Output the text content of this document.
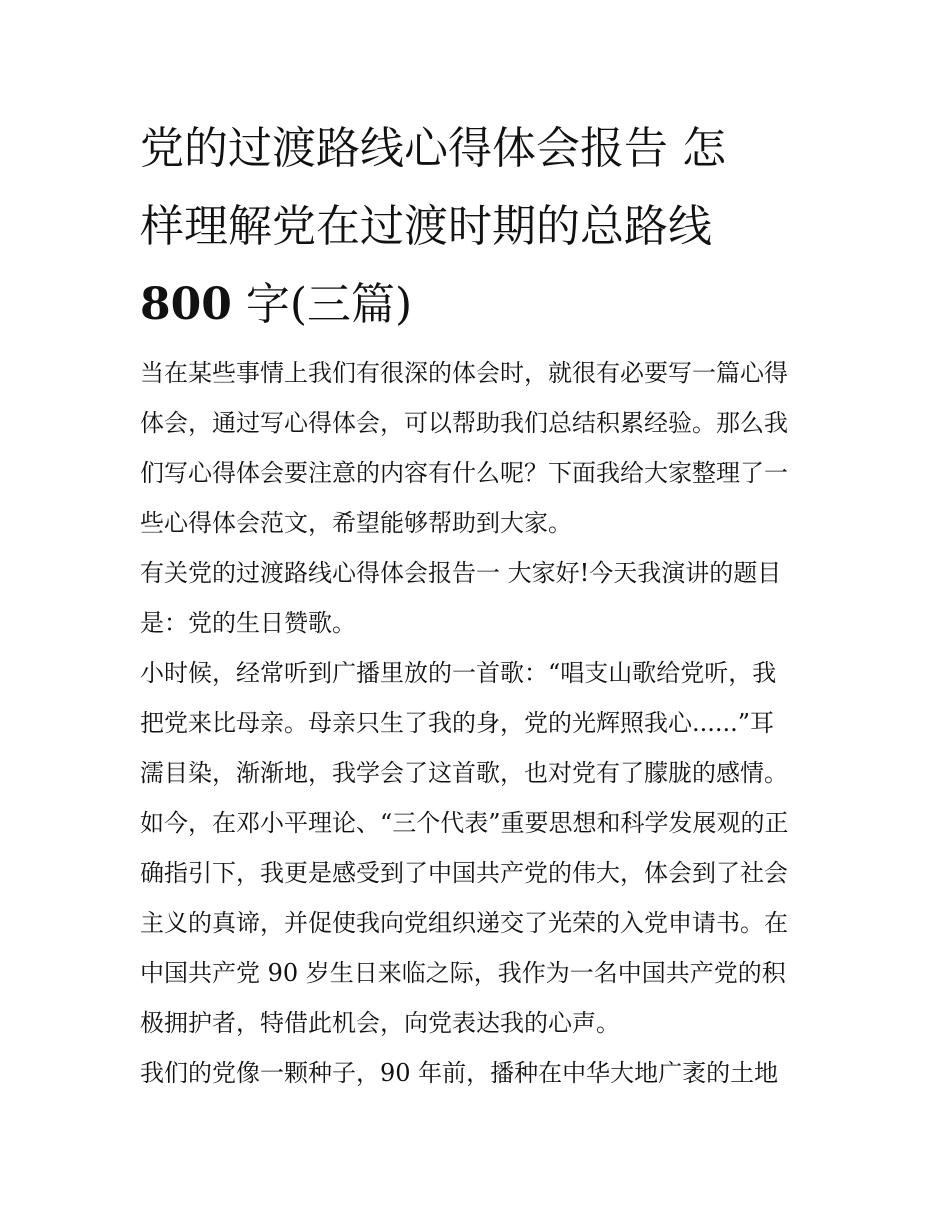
党的过渡路线心得体会报告 怎
样理解党在过渡时期的总路线
800 字(三篇)

当在某些事情上我们有很深的体会时，就很有必要写一篇心得
体会，通过写心得体会，可以帮助我们总结积累经验。那么我
们写心得体会要注意的内容有什么呢？下面我给大家整理了一
些心得体会范文，希望能够帮助到大家。

有关党的过渡路线心得体会报告一 大家好!今天我演讲的题目
是：党的生日赞歌。

小时候，经常听到广播里放的一首歌：“唱支山歌给党听，我
把党来比母亲。母亲只生了我的身，党的光辉照我心......”耳
濡目染，渐渐地，我学会了这首歌，也对党有了朦胧的感情。
如今，在邓小平理论、“三个代表”重要思想和科学发展观的正
确指引下，我更是感受到了中国共产党的伟大，体会到了社会
主义的真谛，并促使我向党组织递交了光荣的入党申请书。在
中国共产党 90 岁生日来临之际，我作为一名中国共产党的积
极拥护者，特借此机会，向党表达我的心声。

我们的党像一颗种子，90 年前，播种在中华大地广袤的土地
